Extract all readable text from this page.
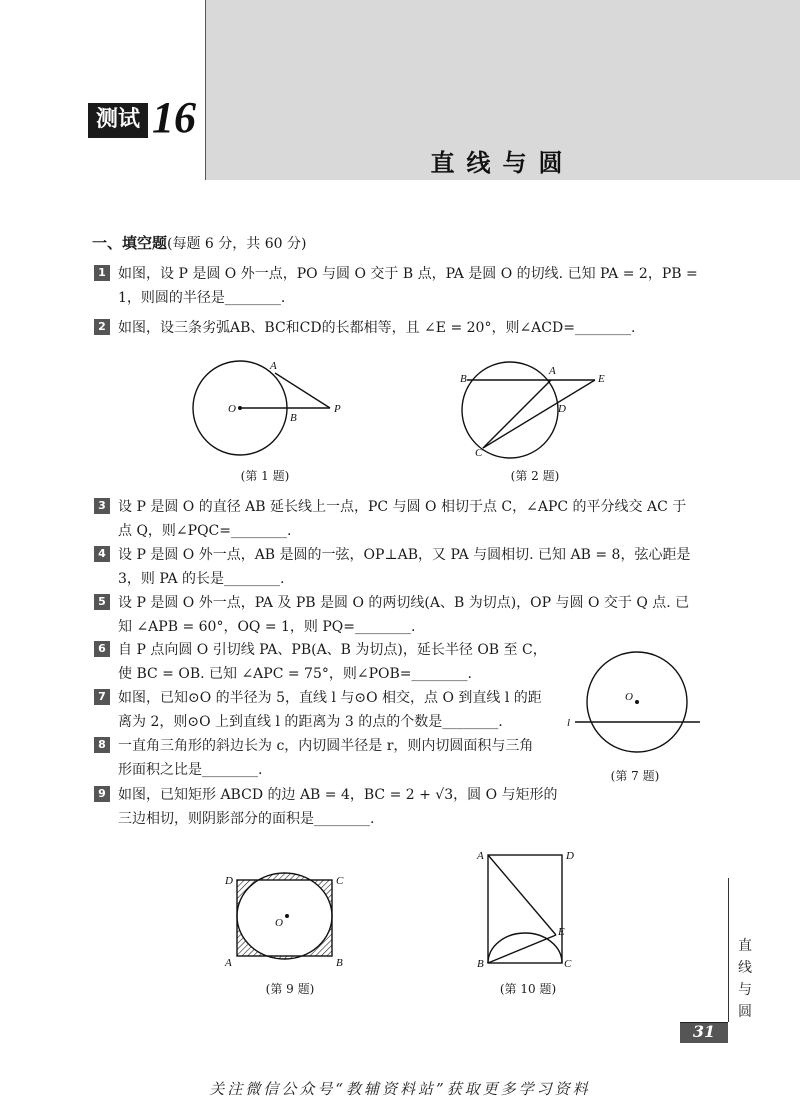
测试 16
直线与圆
一、填空题(每题 6 分，共 60 分)
1 如图，设 P 是圆 O 外一点，PO 与圆 O 交于 B 点，PA 是圆 O 的切线. 已知 PA = 2，PB =
1，则圆的半径是________.
2 如图，设三条劣弧AB、BC和CD的长都相等，且 ∠E = 20°，则∠ACD=________.
A
O
B
P
(第 1 题)
B
A
E
D
C
(第 2 题)
3 设 P 是圆 O 的直径 AB 延长线上一点，PC 与圆 O 相切于点 C，∠APC 的平分线交 AC 于
点 Q，则∠PQC=________.
4 设 P 是圆 O 外一点，AB 是圆的一弦，OP⊥AB，又 PA 与圆相切. 已知 AB = 8，弦心距是
3，则 PA 的长是________.
5 设 P 是圆 O 外一点，PA 及 PB 是圆 O 的两切线(A、B 为切点)，OP 与圆 O 交于 Q 点. 已
知 ∠APB = 60°，OQ = 1，则 PQ=________.
6 自 P 点向圆 O 引切线 PA、PB(A、B 为切点)，延长半径 OB 至 C，
使 BC = OB. 已知 ∠APC = 75°，则∠POB=________.
7 如图，已知⊙O 的半径为 5，直线 l 与⊙O 相交，点 O 到直线 l 的距
离为 2，则⊙O 上到直线 l 的距离为 3 的点的个数是________.
O
l
(第 7 题)
8 一直角三角形的斜边长为 c，内切圆半径是 r，则内切圆面积与三角
形面积之比是________.
9 如图，已知矩形 ABCD 的边 AB = 4，BC = 2 + √3，圆 O 与矩形的
三边相切，则阴影部分的面积是________.
D	C
A	B
O
(第 9 题)
A	D
B	C
E
(第 10 题)
直
线
与
圆
31
关注微信公众号“教辅资料站”获取更多学习资料
